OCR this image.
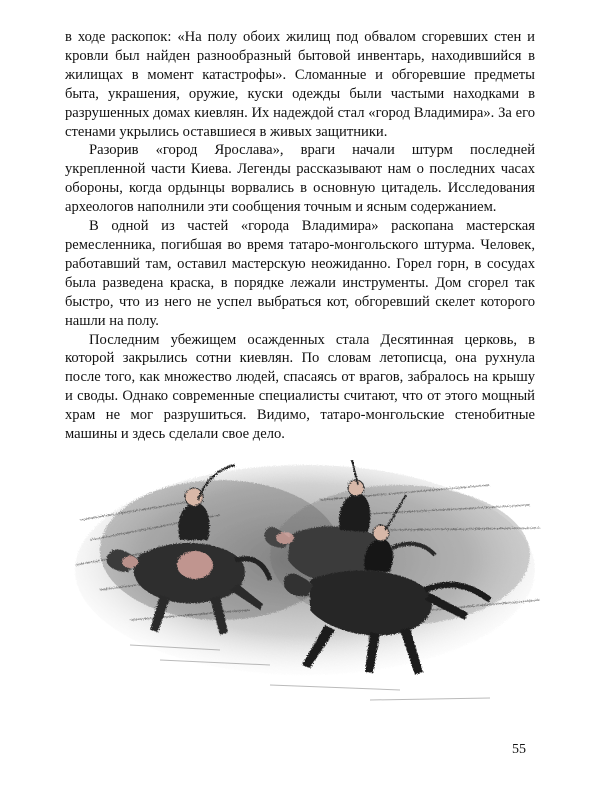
в ходе раскопок: «На полу обоих жилищ под обвалом сгоревших стен и кровли был найден разнообразный бытовой инвентарь, находившийся в жилищах в момент катастрофы». Сломанные и обгоревшие предметы быта, украшения, оружие, куски одежды были частыми находками в разрушенных домах киевлян. Их надеждой стал «город Владимира». За его стенами укрылись оставшиеся в живых защитники.

Разорив «город Ярослава», враги начали штурм последней укрепленной части Киева. Легенды рассказывают нам о последних часах обороны, когда ордынцы ворвались в основную цитадель. Исследования археологов наполнили эти сообщения точным и ясным содержанием.

В одной из частей «города Владимира» раскопана мастерская ремесленника, погибшая во время татаро-монгольского штурма. Человек, работавший там, оставил мастерскую неожиданно. Горел горн, в сосудах была разведена краска, в порядке лежали инструменты. Дом сгорел так быстро, что из него не успел выбраться кот, обгоревший скелет которого нашли на полу.

Последним убежищем осажденных стала Десятинная церковь, в которой закрылись сотни киевлян. По словам летописца, она рухнула после того, как множество людей, спасаясь от врагов, забралось на крышу и своды. Однако современные специалисты считают, что от этого мощный храм не мог разрушиться. Видимо, татаро-монгольские стенобитные машины и здесь сделали свое дело.

55
